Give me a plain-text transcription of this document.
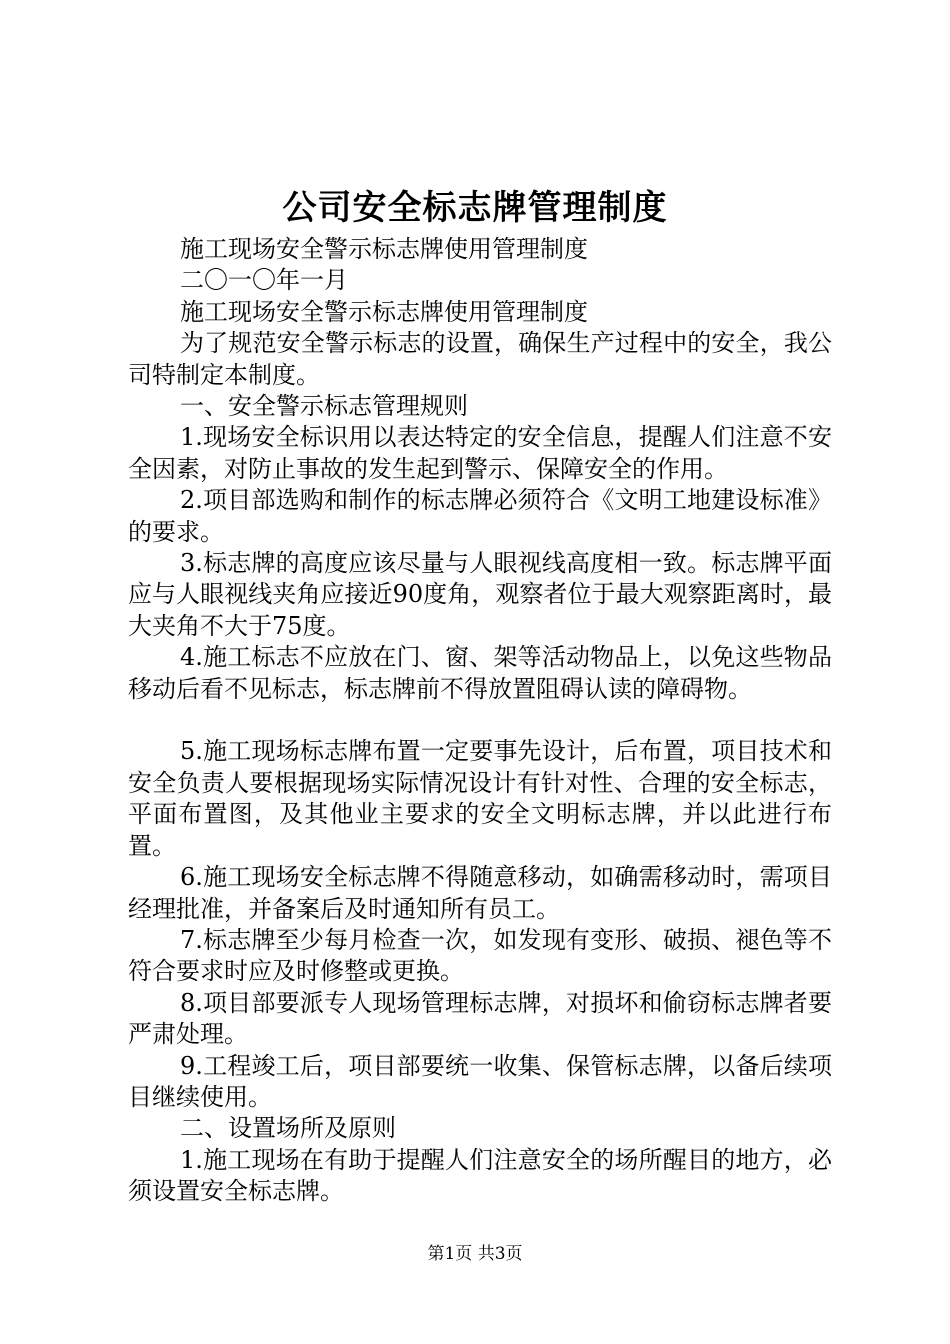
公司安全标志牌管理制度

施工现场安全警示标志牌使用管理制度

二〇一〇年一月

施工现场安全警示标志牌使用管理制度

为了规范安全警示标志的设置，确保生产过程中的安全，我公司特制定本制度。

一、安全警示标志管理规则

1.现场安全标识用以表达特定的安全信息，提醒人们注意不安全因素，对防止事故的发生起到警示、保障安全的作用。

2.项目部选购和制作的标志牌必须符合《文明工地建设标准》的要求。

3.标志牌的高度应该尽量与人眼视线高度相一致。标志牌平面应与人眼视线夹角应接近90度角，观察者位于最大观察距离时，最大夹角不大于75度。

4.施工标志不应放在门、窗、架等活动物品上，以免这些物品移动后看不见标志，标志牌前不得放置阻碍认读的障碍物。

5.施工现场标志牌布置一定要事先设计，后布置，项目技术和安全负责人要根据现场实际情况设计有针对性、合理的安全标志，平面布置图，及其他业主要求的安全文明标志牌，并以此进行布置。

6.施工现场安全标志牌不得随意移动，如确需移动时，需项目经理批准，并备案后及时通知所有员工。

7.标志牌至少每月检查一次，如发现有变形、破损、褪色等不符合要求时应及时修整或更换。

8.项目部要派专人现场管理标志牌，对损坏和偷窃标志牌者要严肃处理。

9.工程竣工后，项目部要统一收集、保管标志牌，以备后续项目继续使用。

二、设置场所及原则

1.施工现场在有助于提醒人们注意安全的场所醒目的地方，必须设置安全标志牌。

第1页 共3页
